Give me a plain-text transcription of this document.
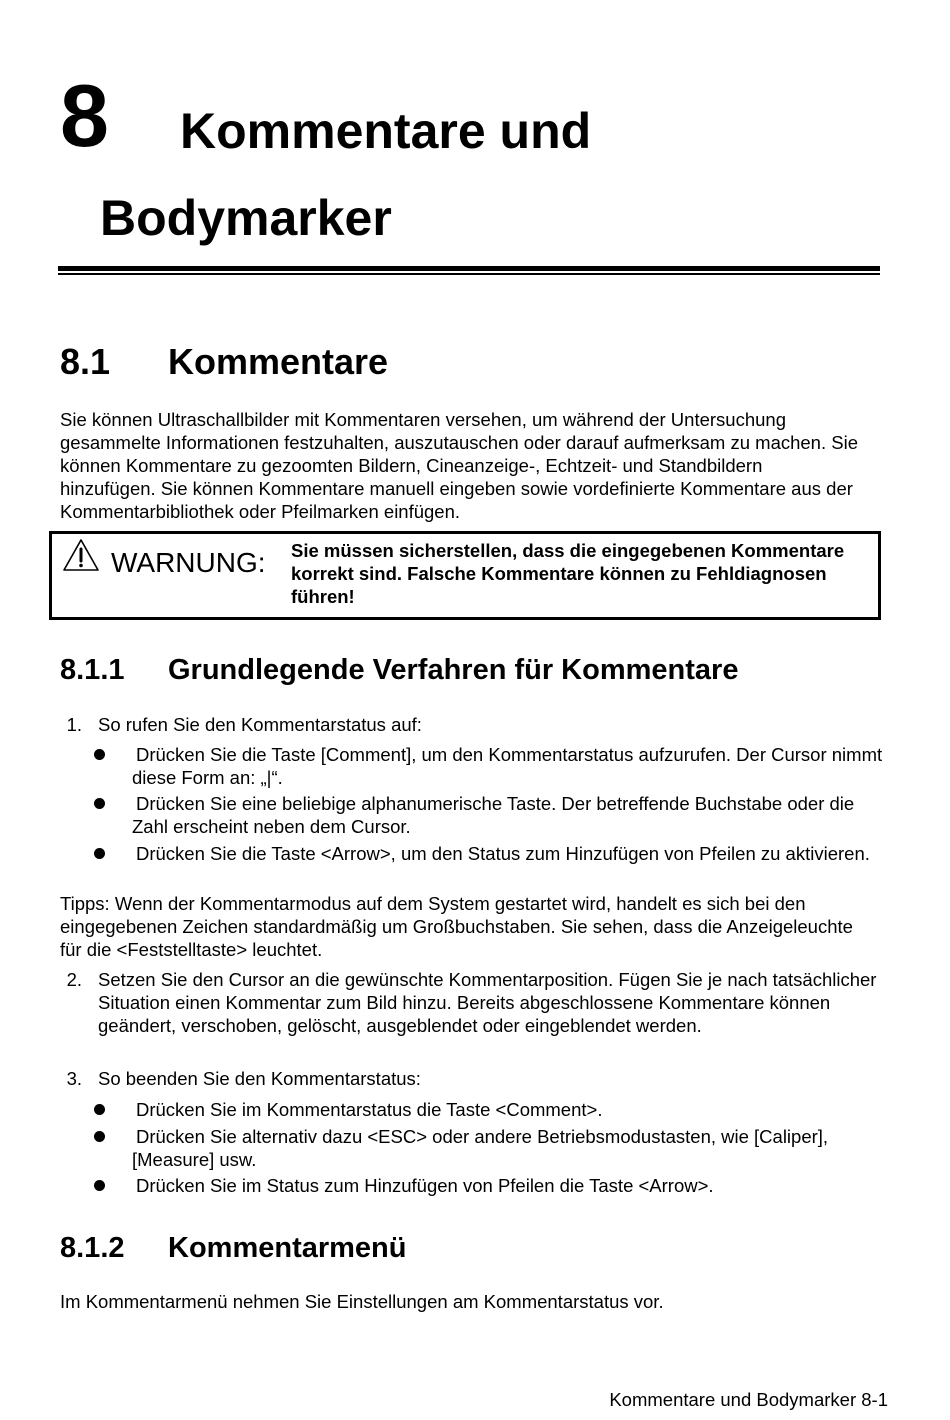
8 Kommentare und
Bodymarker
8.1 Kommentare
Sie können Ultraschallbilder mit Kommentaren versehen, um während der Untersuchung gesammelte Informationen festzuhalten, auszutauschen oder darauf aufmerksam zu machen. Sie können Kommentare zu gezoomten Bildern, Cineanzeige-, Echtzeit- und Standbildern hinzufügen. Sie können Kommentare manuell eingeben sowie vordefinierte Kommentare aus der Kommentarbibliothek oder Pfeilmarken einfügen.
WARNUNG: Sie müssen sicherstellen, dass die eingegebenen Kommentare korrekt sind. Falsche Kommentare können zu Fehldiagnosen führen!
8.1.1 Grundlegende Verfahren für Kommentare
1. So rufen Sie den Kommentarstatus auf:
Drücken Sie die Taste [Comment], um den Kommentarstatus aufzurufen. Der Cursor nimmt diese Form an: „|“.
Drücken Sie eine beliebige alphanumerische Taste. Der betreffende Buchstabe oder die Zahl erscheint neben dem Cursor.
Drücken Sie die Taste <Arrow>, um den Status zum Hinzufügen von Pfeilen zu aktivieren.
Tipps: Wenn der Kommentarmodus auf dem System gestartet wird, handelt es sich bei den eingegebenen Zeichen standardmäßig um Großbuchstaben. Sie sehen, dass die Anzeigeleuchte für die <Feststelltaste> leuchtet.
2. Setzen Sie den Cursor an die gewünschte Kommentarposition. Fügen Sie je nach tatsächlicher Situation einen Kommentar zum Bild hinzu. Bereits abgeschlossene Kommentare können geändert, verschoben, gelöscht, ausgeblendet oder eingeblendet werden.
3. So beenden Sie den Kommentarstatus:
Drücken Sie im Kommentarstatus die Taste <Comment>.
Drücken Sie alternativ dazu <ESC> oder andere Betriebsmodustasten, wie [Caliper], [Measure] usw.
Drücken Sie im Status zum Hinzufügen von Pfeilen die Taste <Arrow>.
8.1.2 Kommentarmenü
Im Kommentarmenü nehmen Sie Einstellungen am Kommentarstatus vor.
Kommentare und Bodymarker 8-1
